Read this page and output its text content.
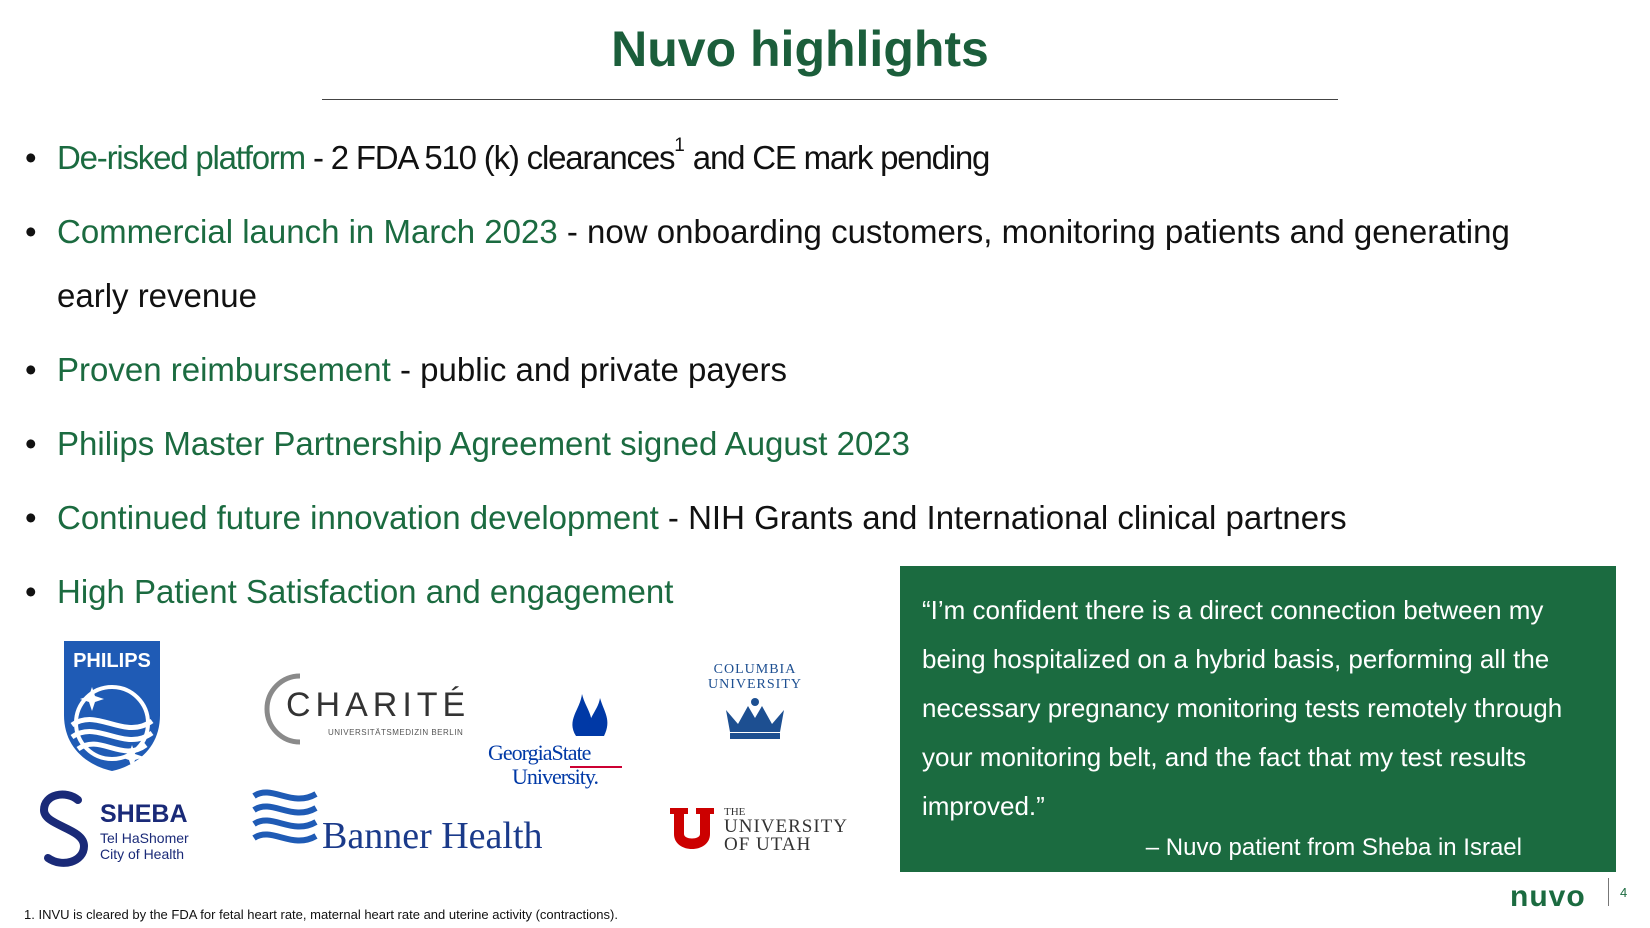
Nuvo highlights
• De-risked platform - 2 FDA 510 (k) clearances$^1$ and CE mark pending
• Commercial launch in March 2023 - now onboarding customers, monitoring patients and generating early revenue
• Proven reimbursement - public and private payers
• Philips Master Partnership Agreement signed August 2023
• Continued future innovation development - NIH Grants and International clinical partners
• High Patient Satisfaction and engagement	“I’m confident there is a direct connection between my being hospitalized on a hybrid basis, performing all the necessary pregnancy monitoring tests remotely through your monitoring belt, and the fact that my test results improved.”

– Nuvo patient from Sheba in Israel
PHILIPS
CHARITÉ
UNIVERSITÄTSMEDIZIN BERLIN
COLUMBIA
UNIVERSITY
GeorgiaState
University.
SHEBA
Tel HaShomer
City of Health	Banner Health
THE
UNIVERSITY
OF UTAH
1. INVU is cleared by the FDA for fetal heart rate, maternal heart rate and uterine activity (contractions).
nuvo	4
